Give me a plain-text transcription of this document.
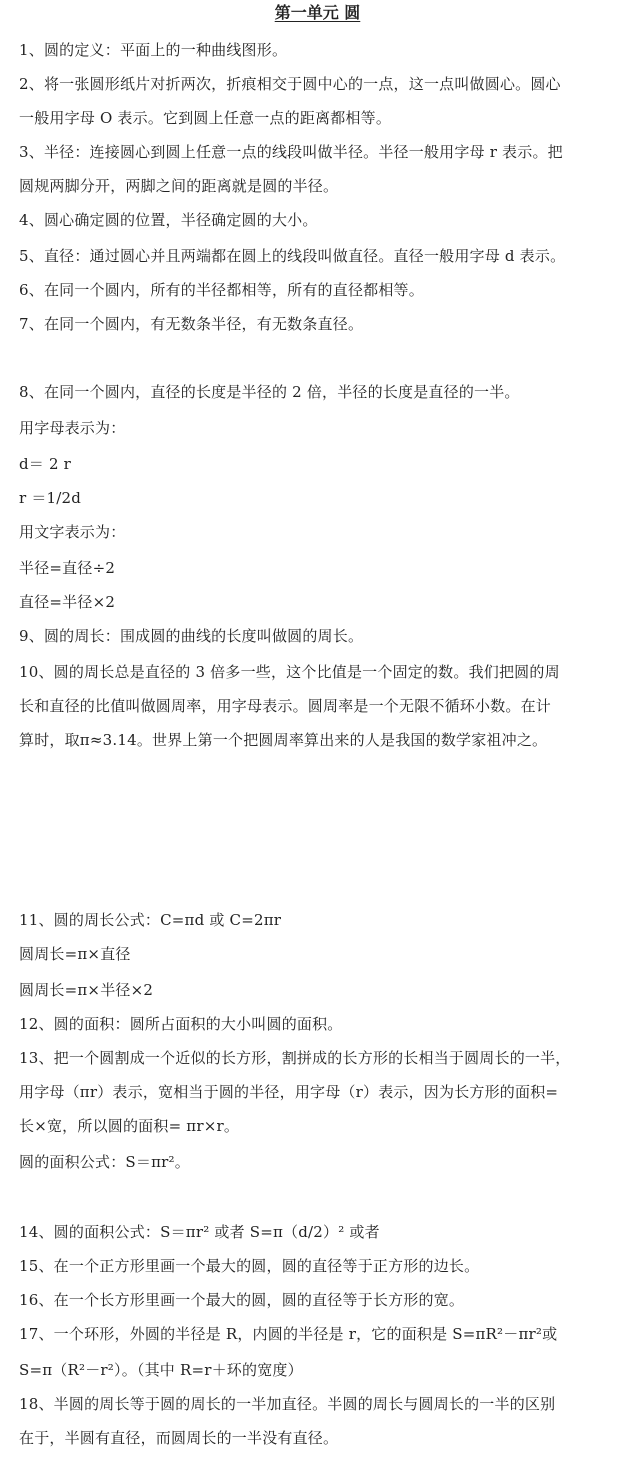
第一单元 圆
1、圆的定义：平面上的一种曲线图形。
2、将一张圆形纸片对折两次，折痕相交于圆中心的一点，这一点叫做圆心。圆心
一般用字母 O 表示。它到圆上任意一点的距离都相等。
3、半径：连接圆心到圆上任意一点的线段叫做半径。半径一般用字母 r 表示。把
圆规两脚分开，两脚之间的距离就是圆的半径。
4、圆心确定圆的位置，半径确定圆的大小。
5、直径：通过圆心并且两端都在圆上的线段叫做直径。直径一般用字母 d 表示。
6、在同一个圆内，所有的半径都相等，所有的直径都相等。
7、在同一个圆内，有无数条半径，有无数条直径。
8、在同一个圆内，直径的长度是半径的 2 倍，半径的长度是直径的一半。
用字母表示为：
d＝ 2 r
r ＝1/2d
用文字表示为：
半径=直径÷2
直径=半径×2
9、圆的周长：围成圆的曲线的长度叫做圆的周长。
10、圆的周长总是直径的 3 倍多一些，这个比值是一个固定的数。我们把圆的周
长和直径的比值叫做圆周率，用字母表示。圆周率是一个无限不循环小数。在计
算时，取π≈3.14。世界上第一个把圆周率算出来的人是我国的数学家祖冲之。
11、圆的周长公式：C=πd 或 C=2πr
圆周长=π×直径
圆周长=π×半径×2
12、圆的面积：圆所占面积的大小叫圆的面积。
13、把一个圆割成一个近似的长方形，割拼成的长方形的长相当于圆周长的一半，
用字母（πr）表示，宽相当于圆的半径，用字母（r）表示，因为长方形的面积=
长×宽，所以圆的面积= πr×r。
圆的面积公式：S＝πr²。
14、圆的面积公式：S＝πr² 或者 S=π（d/2）² 或者
15、在一个正方形里画一个最大的圆，圆的直径等于正方形的边长。
16、在一个长方形里画一个最大的圆，圆的直径等于长方形的宽。
17、一个环形，外圆的半径是 R，内圆的半径是 r，它的面积是 S=πR²－πr²或
S=π（R²－r²）。（其中 R=r＋环的宽度）
18、半圆的周长等于圆的周长的一半加直径。半圆的周长与圆周长的一半的区别
在于，半圆有直径，而圆周长的一半没有直径。
